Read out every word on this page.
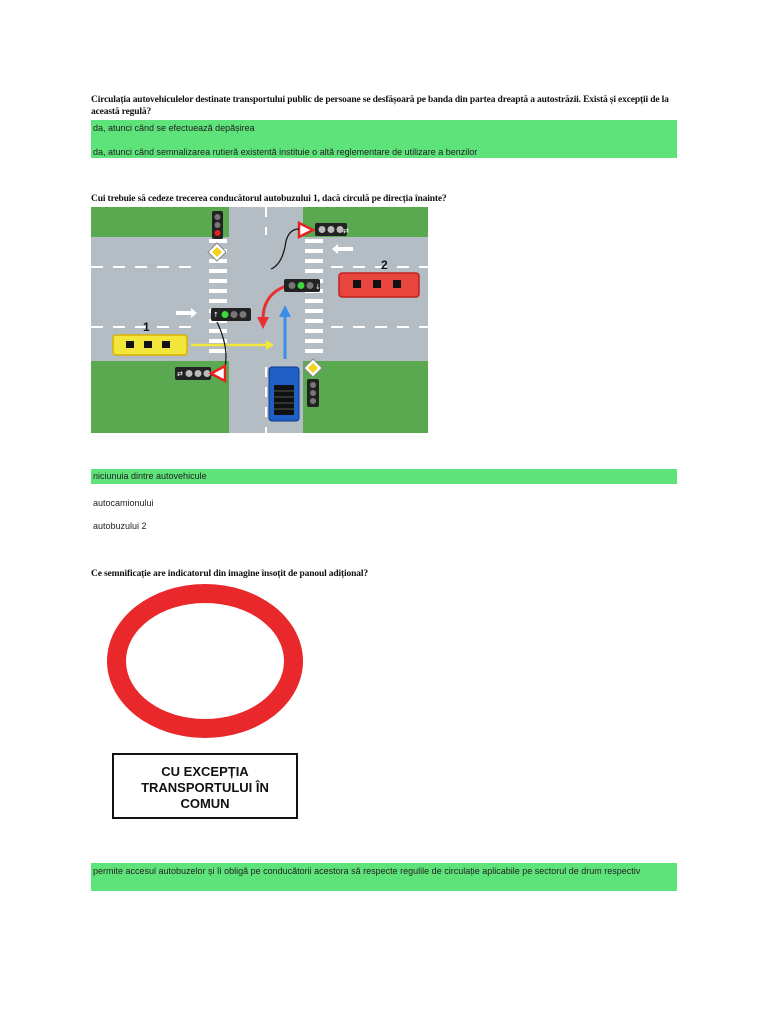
Circulația autovehiculelor destinate transportului public de persoane se desfășoară pe banda din partea dreaptă a autostrăzii. Există și excepții de la această regulă?
da, atunci când se efectuează depășirea
da, atunci când semnalizarea rutieră existentă instituie o altă reglementare de utilizare a benzilor
Cui trebuie să cedeze trecerea conducătorul autobuzului 1, dacă circulă pe direcția înainte?
1
2
⇄
↓
↑
⇄
niciunuia dintre autovehicule
autocamionului
autobuzului 2
Ce semnificație are indicatorul din imagine însoțit de panoul adițional?
CU EXCEPȚIA
TRANSPORTULUI ÎN
COMUN
permite accesul autobuzelor și îi obligă pe conducătorii acestora să respecte regulile de circulație aplicabile pe sectorul de drum respectiv
